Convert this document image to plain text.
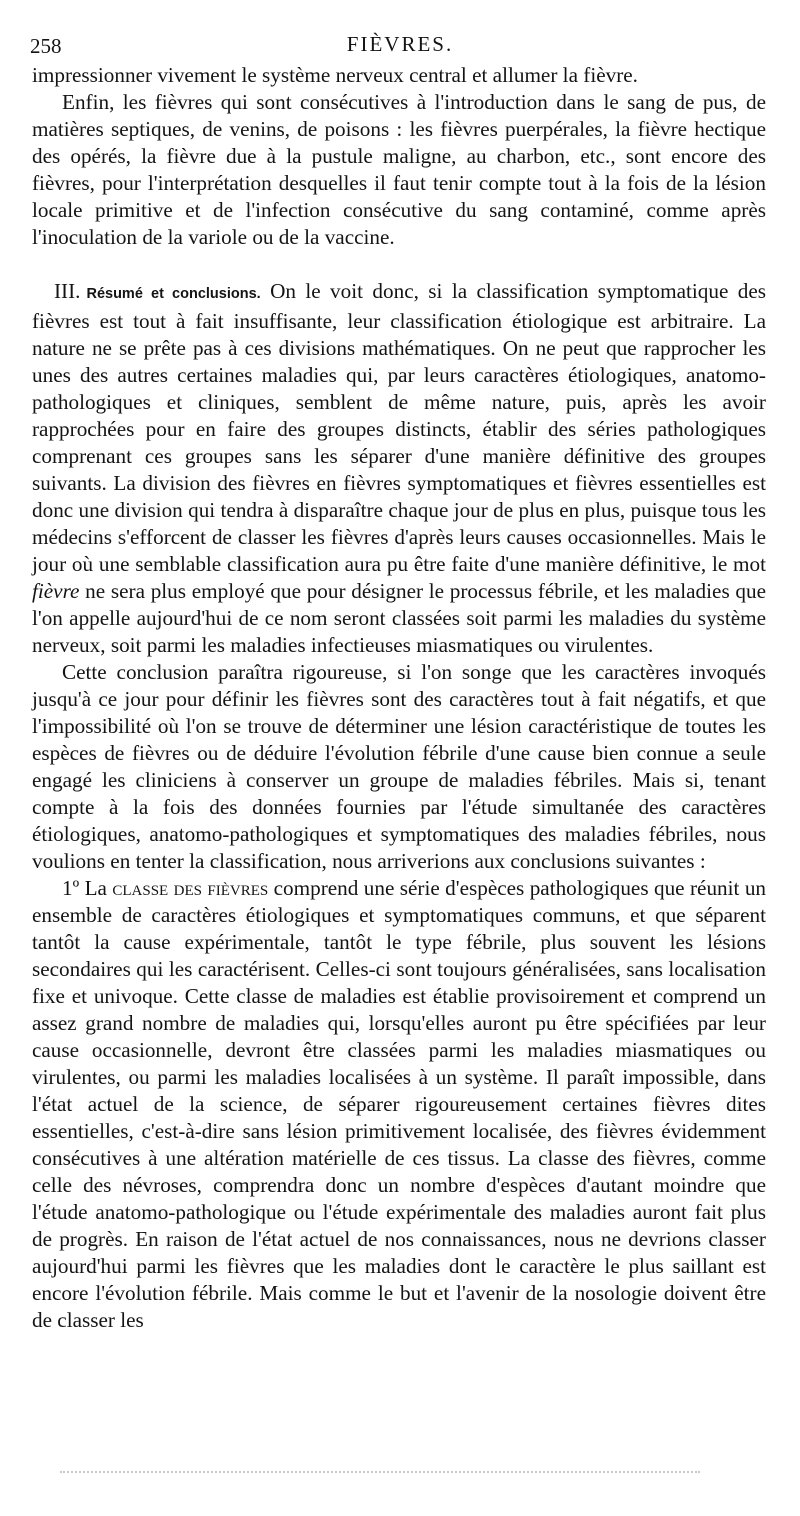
258	FIÈVRES.

impressionner vivement le système nerveux central et allumer la fièvre.

Enfin, les fièvres qui sont consécutives à l'introduction dans le sang de pus, de matières septiques, de venins, de poisons : les fièvres puerpérales, la fièvre hectique des opérés, la fièvre due à la pustule maligne, au charbon, etc., sont encore des fièvres, pour l'interprétation desquelles il faut tenir compte tout à la fois de la lésion locale primitive et de l'infection consécutive du sang contaminé, comme après l'inoculation de la variole ou de la vaccine.

III. Résumé et conclusions. On le voit donc, si la classification symptomatique des fièvres est tout à fait insuffisante, leur classification étiologique est arbitraire. La nature ne se prête pas à ces divisions mathématiques. On ne peut que rapprocher les unes des autres certaines maladies qui, par leurs caractères étiologiques, anatomo-pathologiques et cliniques, semblent de même nature, puis, après les avoir rapprochées pour en faire des groupes distincts, établir des séries pathologiques comprenant ces groupes sans les séparer d'une manière définitive des groupes suivants. La division des fièvres en fièvres symptomatiques et fièvres essentielles est donc une division qui tendra à disparaître chaque jour de plus en plus, puisque tous les médecins s'efforcent de classer les fièvres d'après leurs causes occasionnelles. Mais le jour où une semblable classification aura pu être faite d'une manière définitive, le mot fièvre ne sera plus employé que pour désigner le processus fébrile, et les maladies que l'on appelle aujourd'hui de ce nom seront classées soit parmi les maladies du système nerveux, soit parmi les maladies infectieuses miasmatiques ou virulentes.

Cette conclusion paraîtra rigoureuse, si l'on songe que les caractères invoqués jusqu'à ce jour pour définir les fièvres sont des caractères tout à fait négatifs, et que l'impossibilité où l'on se trouve de déterminer une lésion caractéristique de toutes les espèces de fièvres ou de déduire l'évolution fébrile d'une cause bien connue a seule engagé les cliniciens à conserver un groupe de maladies fébriles. Mais si, tenant compte à la fois des données fournies par l'étude simultanée des caractères étiologiques, anatomo-pathologiques et symptomatiques des maladies fébriles, nous voulions en tenter la classification, nous arriverions aux conclusions suivantes :

1º La classe des fièvres comprend une série d'espèces pathologiques que réunit un ensemble de caractères étiologiques et symptomatiques communs, et que séparent tantôt la cause expérimentale, tantôt le type fébrile, plus souvent les lésions secondaires qui les caractérisent. Celles-ci sont toujours généralisées, sans localisation fixe et univoque. Cette classe de maladies est établie provisoirement et comprend un assez grand nombre de maladies qui, lorsqu'elles auront pu être spécifiées par leur cause occasionnelle, devront être classées parmi les maladies miasmatiques ou virulentes, ou parmi les maladies localisées à un système. Il paraît impossible, dans l'état actuel de la science, de séparer rigoureusement certaines fièvres dites essentielles, c'est-à-dire sans lésion primitivement localisée, des fièvres évidemment consécutives à une altération matérielle de ces tissus. La classe des fièvres, comme celle des névroses, comprendra donc un nombre d'espèces d'autant moindre que l'étude anatomo-pathologique ou l'étude expérimentale des maladies auront fait plus de progrès. En raison de l'état actuel de nos connaissances, nous ne devrions classer aujourd'hui parmi les fièvres que les maladies dont le caractère le plus saillant est encore l'évolution fébrile. Mais comme le but et l'avenir de la nosologie doivent être de classer les
